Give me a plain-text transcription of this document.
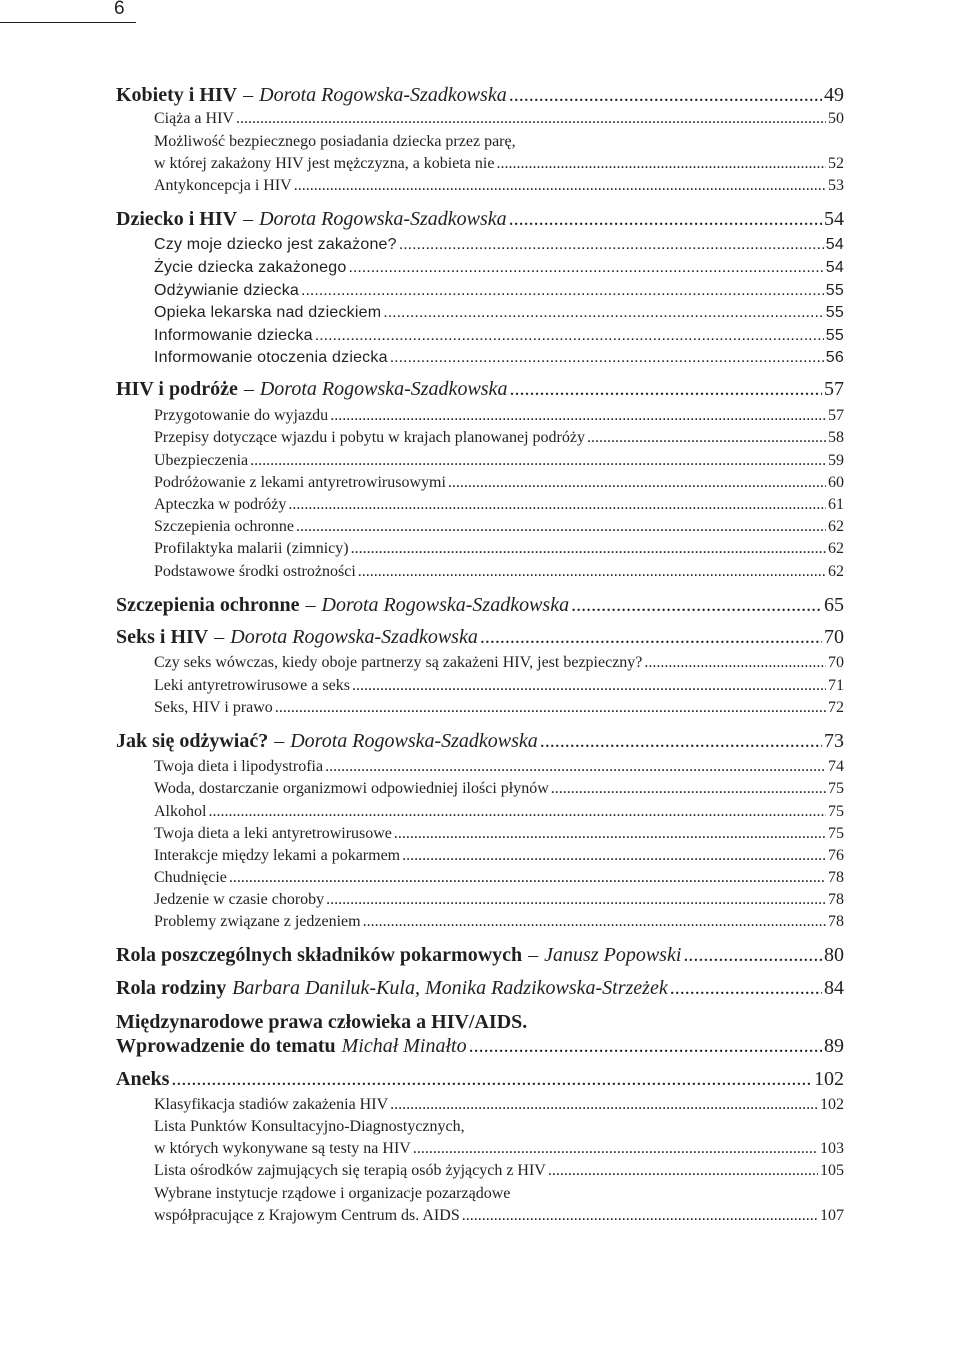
6
Kobiety i HIV – Dorota Rogowska-Szadkowska .....	49
Ciąża a HIV .....	50
Możliwość bezpiecznego posiadania dziecka przez parę,
w której zakażony HIV jest mężczyzna, a kobieta nie .....	52
Antykoncepcja i HIV .....	53
Dziecko i HIV – Dorota Rogowska-Szadkowska .....	54
Czy moje dziecko jest zakażone? .....	54
Życie dziecka zakażonego .....	54
Odżywianie dziecka .....	55
Opieka lekarska nad dzieckiem .....	55
Informowanie dziecka .....	55
Informowanie otoczenia dziecka .....	56
HIV i podróże – Dorota Rogowska-Szadkowska .....	57
Przygotowanie do wyjazdu .....	57
Przepisy dotyczące wjazdu i pobytu w krajach planowanej podróży .....	58
Ubezpieczenia .....	59
Podróżowanie z lekami antyretrowirusowymi .....	60
Apteczka w podróży .....	61
Szczepienia ochronne .....	62
Profilaktyka malarii (zimnicy) .....	62
Podstawowe środki ostrożności .....	62
Szczepienia ochronne – Dorota Rogowska-Szadkowska .....	65
Seks i HIV – Dorota Rogowska-Szadkowska .....	70
Czy seks wówczas, kiedy oboje partnerzy są zakażeni HIV, jest bezpieczny? .....	70
Leki antyretrowirusowe a seks .....	71
Seks, HIV i prawo .....	72
Jak się odżywiać? – Dorota Rogowska-Szadkowska .....	73
Twoja dieta i lipodystrofia .....	74
Woda, dostarczanie organizmowi odpowiedniej ilości płynów .....	75
Alkohol .....	75
Twoja dieta a leki antyretrowirusowe .....	75
Interakcje między lekami a pokarmem .....	76
Chudnięcie .....	78
Jedzenie w czasie choroby .....	78
Problemy związane z jedzeniem .....	78
Rola poszczególnych składników pokarmowych – Janusz Popowski .....	80
Rola rodziny Barbara Daniluk-Kula, Monika Radzikowska-Strzeżek .....	84
Międzynarodowe prawa człowieka a HIV/AIDS.
Wprowadzenie do tematu Michał Minałto .....	89
Aneks .....	102
Klasyfikacja stadiów zakażenia HIV .....	102
Lista Punktów Konsultacyjno-Diagnostycznych,
w których wykonywane są testy na HIV .....	103
Lista ośrodków zajmujących się terapią osób żyjących z HIV .....	105
Wybrane instytucje rządowe i organizacje pozarządowe
współpracujące z Krajowym Centrum ds. AIDS .....	107
